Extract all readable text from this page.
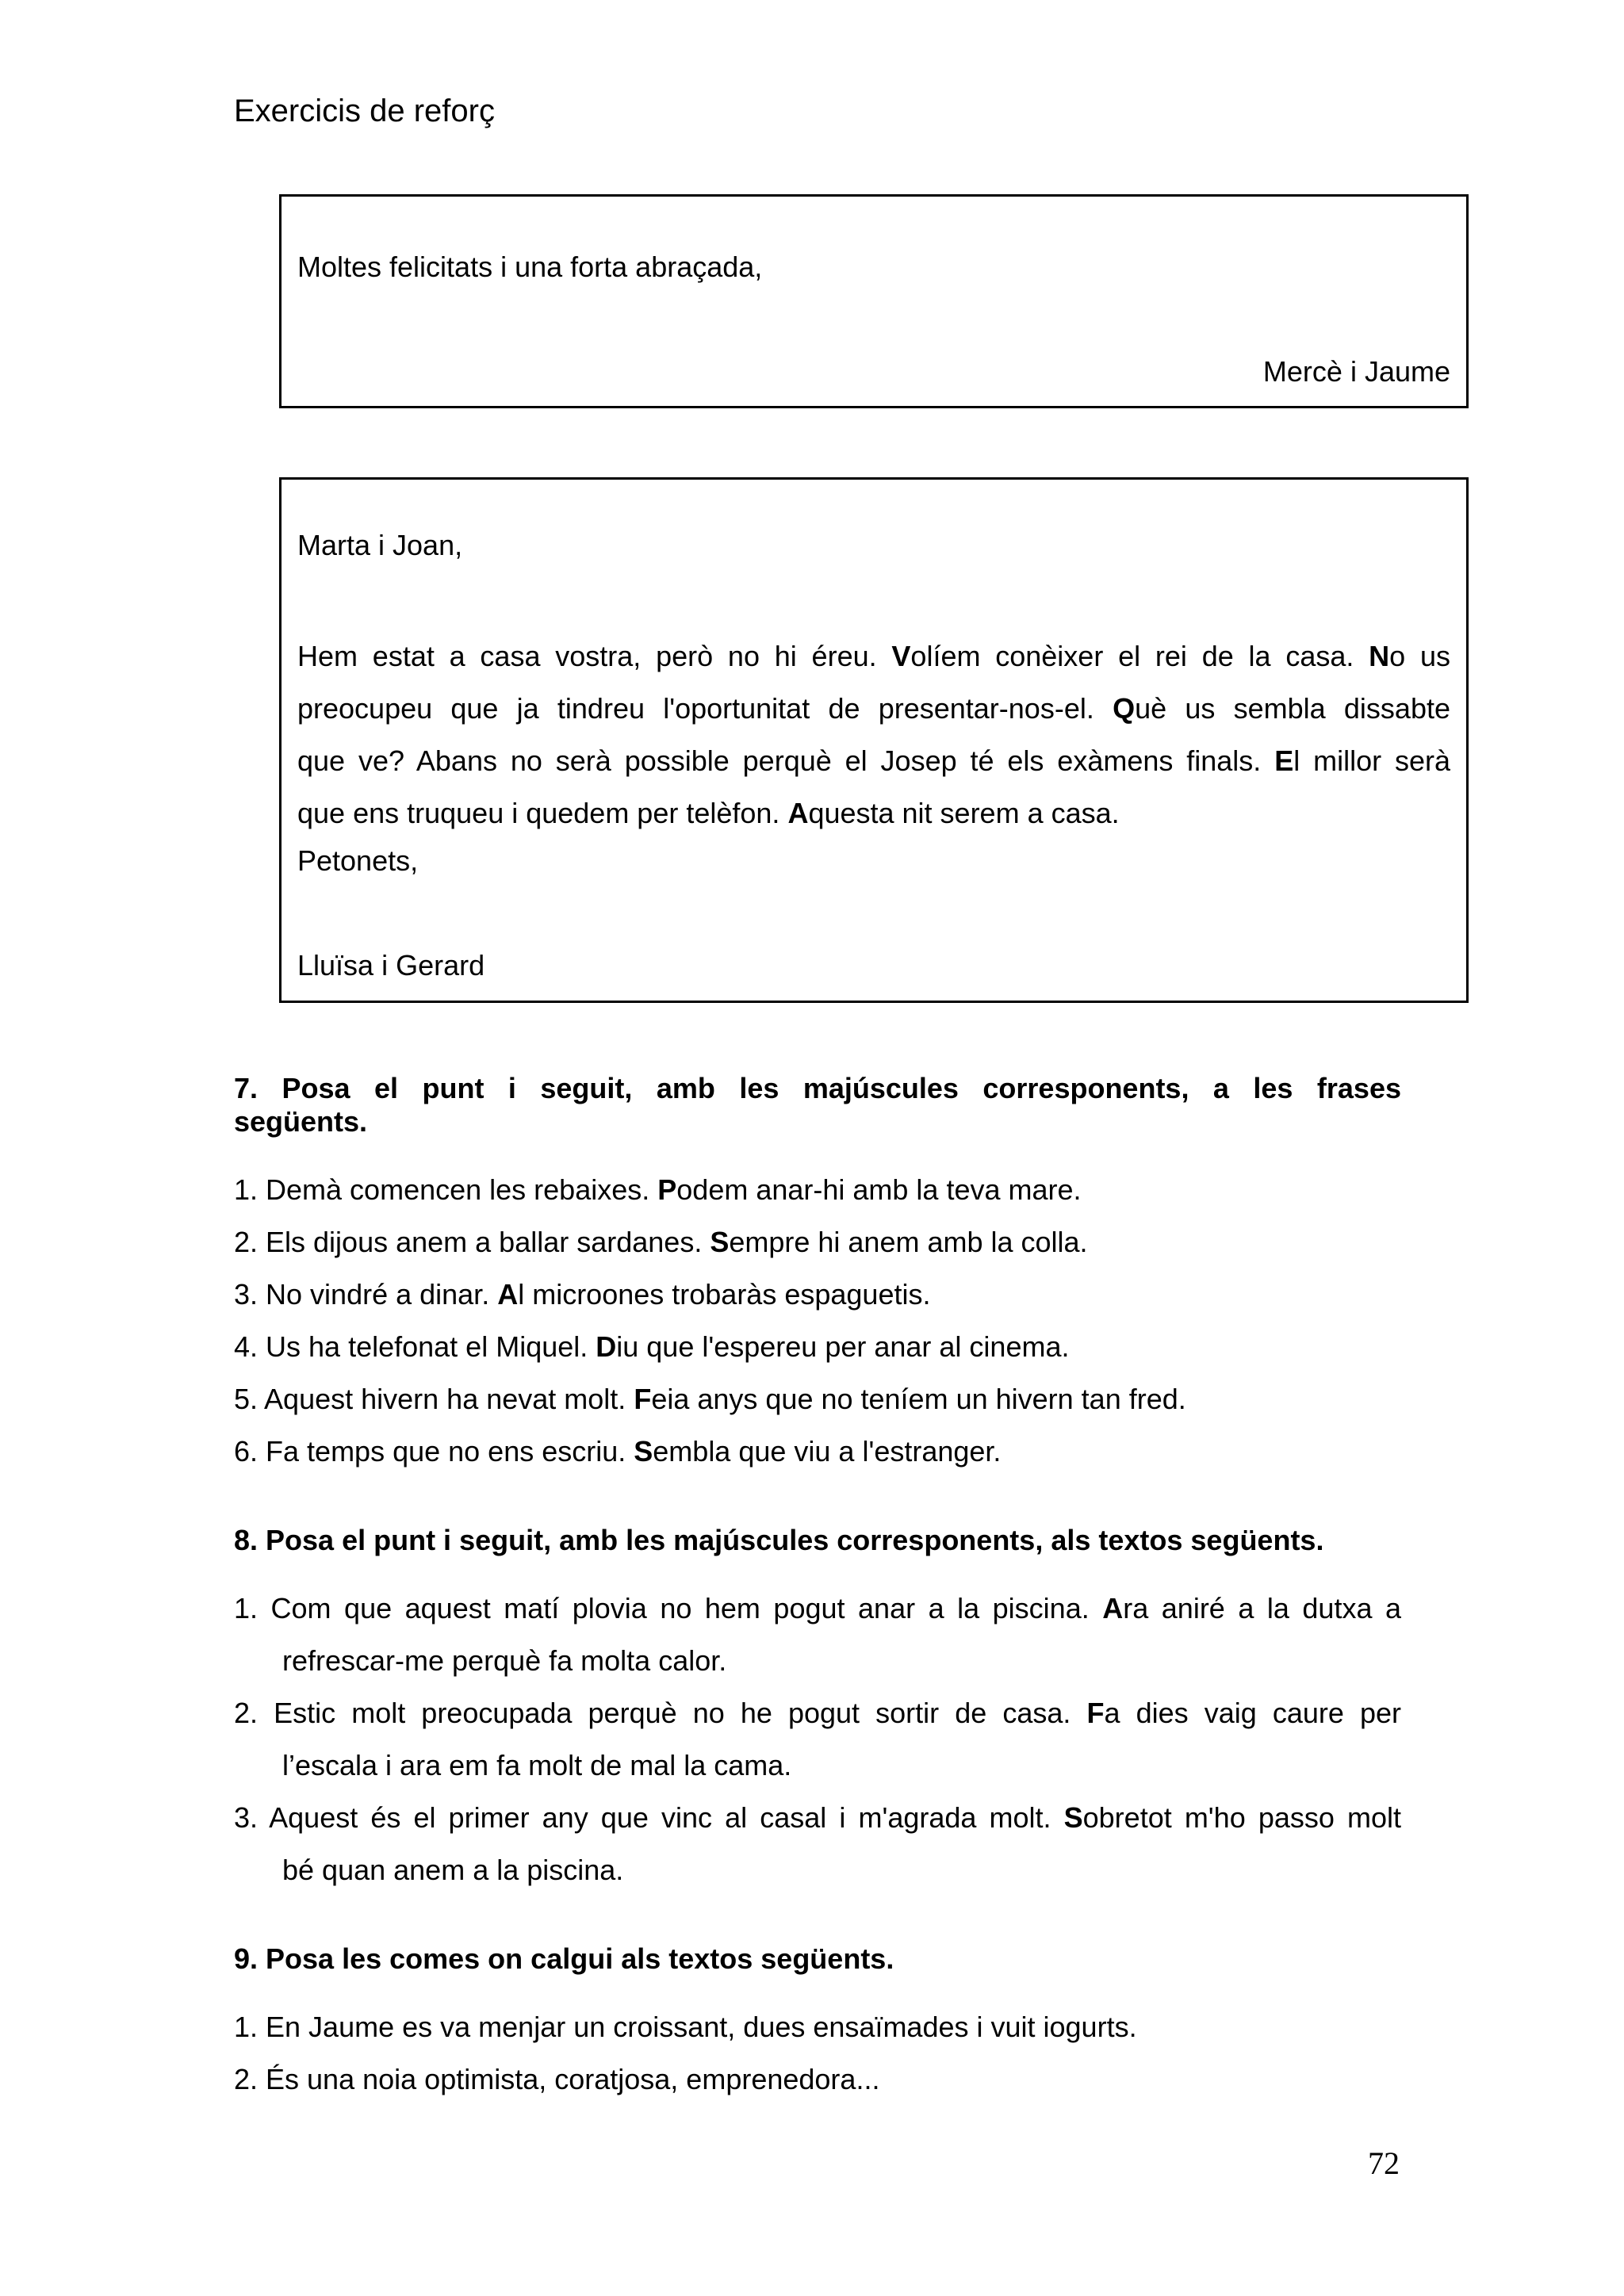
Exercicis de reforç
Moltes felicitats i una forta abraçada,
Mercè i Jaume
Marta i Joan,
Hem estat a casa vostra, però no hi éreu. Volíem conèixer el rei de la casa. No us
preocupeu que ja tindreu l'oportunitat de presentar-nos-el. Què us sembla dissabte
que ve? Abans no serà possible perquè el Josep té els exàmens finals. El millor serà
que ens truqueu i quedem per telèfon. Aquesta nit serem a casa.
Petonets,
Lluïsa i Gerard
7. Posa el punt i seguit, amb les majúscules corresponents, a les frases
següents.
1. Demà comencen les rebaixes. Podem anar-hi amb la teva mare.
2. Els dijous anem a ballar sardanes. Sempre hi anem amb la colla.
3. No vindré a dinar. Al microones trobaràs espaguetis.
4. Us ha telefonat el Miquel. Diu que l'espereu per anar al cinema.
5. Aquest hivern ha nevat molt. Feia anys que no teníem un hivern tan fred.
6. Fa temps que no ens escriu. Sembla que viu a l'estranger.
8. Posa el punt i seguit, amb les majúscules corresponents, als textos següents.
1. Com que aquest matí plovia no hem pogut anar a la piscina. Ara aniré a la dutxa a
refrescar-me perquè fa molta calor.
2. Estic molt preocupada perquè no he pogut sortir de casa. Fa dies vaig caure per
l’escala i ara em fa molt de mal la cama.
3. Aquest és el primer any que vinc al casal i m'agrada molt. Sobretot m'ho passo molt
bé quan anem a la piscina.
9. Posa les comes on calgui als textos següents.
1. En Jaume es va menjar un croissant, dues ensaïmades i vuit iogurts.
2. És una noia optimista, coratjosa, emprenedora...
72
